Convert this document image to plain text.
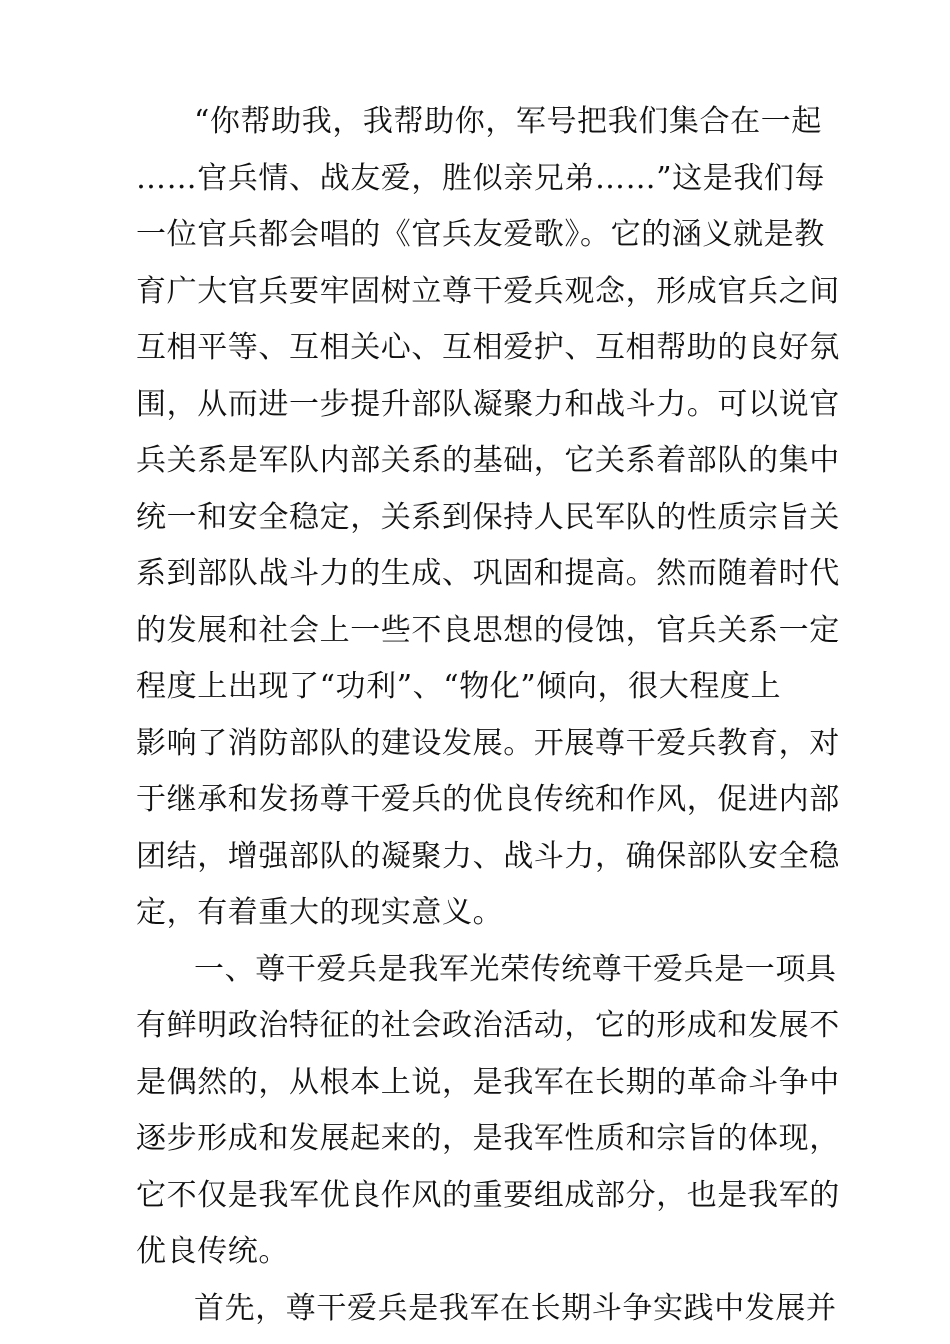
“你帮助我，我帮助你，军号把我们集合在一起
……官兵情、战友爱，胜似亲兄弟……”这是我们每
一位官兵都会唱的《官兵友爱歌》。它的涵义就是教
育广大官兵要牢固树立尊干爱兵观念，形成官兵之间
互相平等、互相关心、互相爱护、互相帮助的良好氛
围，从而进一步提升部队凝聚力和战斗力。可以说官
兵关系是军队内部关系的基础，它关系着部队的集中
统一和安全稳定，关系到保持人民军队的性质宗旨关
系到部队战斗力的生成、巩固和提高。然而随着时代
的发展和社会上一些不良思想的侵蚀，官兵关系一定
程度上出现了“功利”、“物化”倾向，很大程度上
影响了消防部队的建设发展。开展尊干爱兵教育，对
于继承和发扬尊干爱兵的优良传统和作风，促进内部
团结，增强部队的凝聚力、战斗力，确保部队安全稳
定，有着重大的现实意义。
一、尊干爱兵是我军光荣传统尊干爱兵是一项具
有鲜明政治特征的社会政治活动，它的形成和发展不
是偶然的，从根本上说，是我军在长期的革命斗争中
逐步形成和发展起来的，是我军性质和宗旨的体现，
它不仅是我军优良作风的重要组成部分，也是我军的
优良传统。
首先，尊干爱兵是我军在长期斗争实践中发展并
